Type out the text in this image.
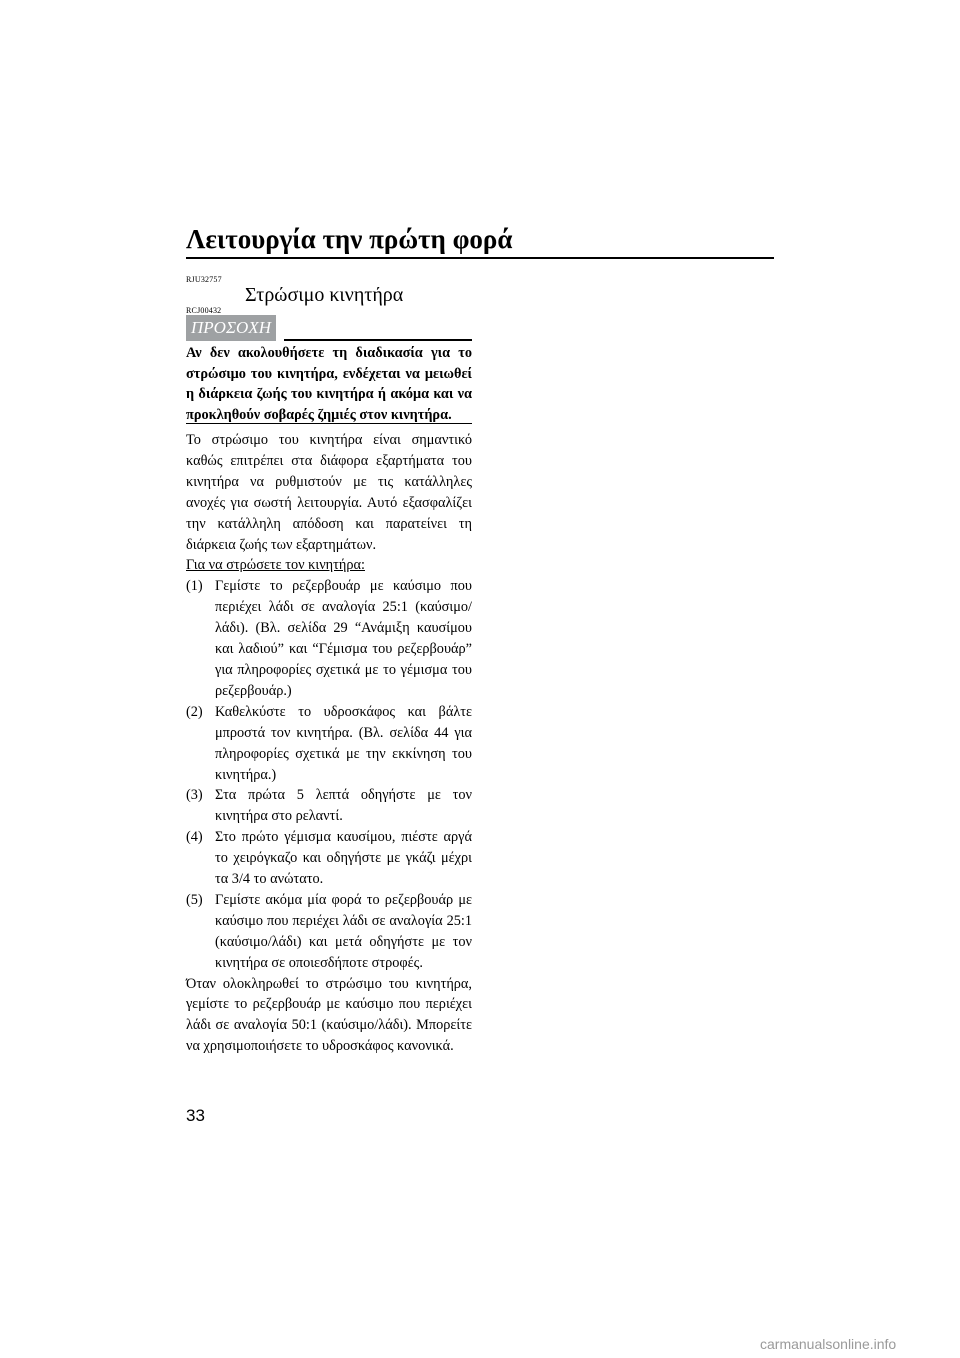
Λειτουργία την πρώτη φορά
RJU32757
Στρώσιμο κινητήρα
RCJ00432
ΠΡΟΣΟΧΗ
Αν δεν ακολουθήσετε τη διαδικασία για το στρώσιμο του κινητήρα, ενδέχεται να μειωθεί η διάρκεια ζωής του κινητήρα ή ακόμα και να προκληθούν σοβαρές ζημιές στον κινητήρα.

Το στρώσιμο του κινητήρα είναι σημαντικό καθώς επιτρέπει στα διάφορα εξαρτήματα του κινητήρα να ρυθμιστούν με τις κατάλληλες ανοχές για σωστή λειτουργία. Αυτό εξασφαλίζει την κατάλληλη απόδοση και παρατείνει τη διάρκεια ζωής των εξαρτημάτων.

Για να στρώσετε τον κινητήρα:

(1) Γεμίστε το ρεζερβουάρ με καύσιμο που περιέχει λάδι σε αναλογία 25:1 (καύσιμο/λάδι). (Βλ. σελίδα 29 “Ανάμιξη καυσίμου και λαδιού” και “Γέμισμα του ρεζερβουάρ” για πληροφορίες σχετικά με το γέμισμα του ρεζερβουάρ.)
(2) Καθελκύστε το υδροσκάφος και βάλτε μπροστά τον κινητήρα. (Βλ. σελίδα 44 για πληροφορίες σχετικά με την εκκίνηση του κινητήρα.)
(3) Στα πρώτα 5 λεπτά οδηγήστε με τον κινητήρα στο ρελαντί.
(4) Στο πρώτο γέμισμα καυσίμου, πιέστε αργά το χειρόγκαζο και οδηγήστε με γκάζι μέχρι τα 3/4 το ανώτατο.
(5) Γεμίστε ακόμα μία φορά το ρεζερβουάρ με καύσιμο που περιέχει λάδι σε αναλογία 25:1 (καύσιμο/λάδι) και μετά οδηγήστε με τον κινητήρα σε οποιεσδήποτε στροφές.

Όταν ολοκληρωθεί το στρώσιμο του κινητήρα, γεμίστε το ρεζερβουάρ με καύσιμο που περιέχει λάδι σε αναλογία 50:1 (καύσιμο/λάδι). Μπορείτε να χρησιμοποιήσετε το υδροσκάφος κανονικά.

33
carmanualsonline.info
